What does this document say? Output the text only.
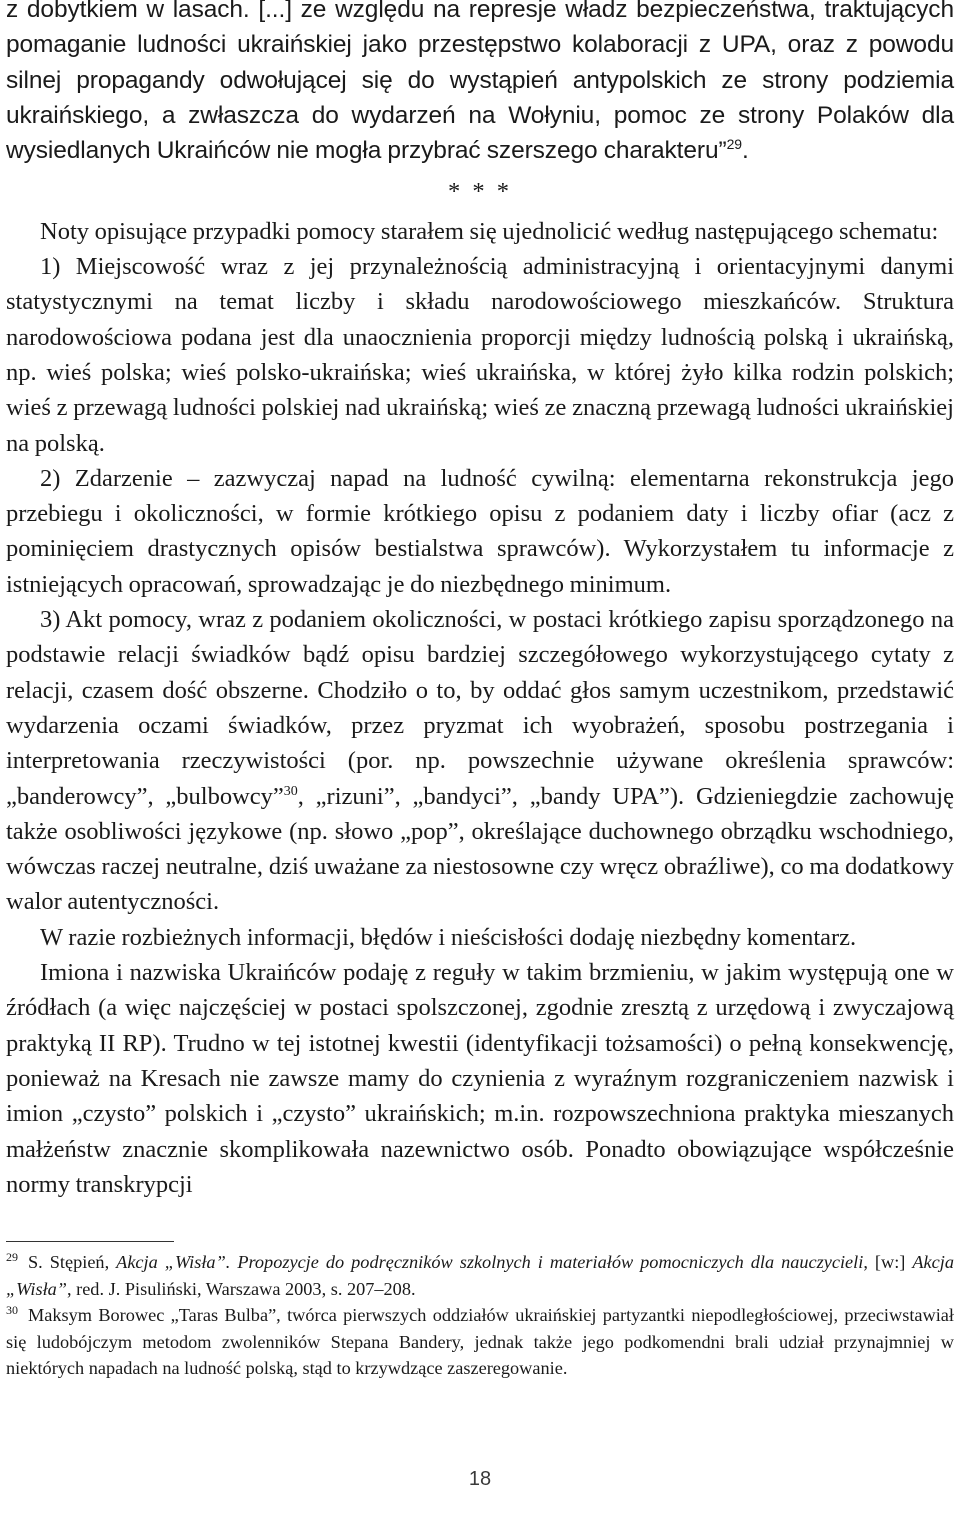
z dobytkiem w lasach. [...] ze względu na represje władz bezpieczeństwa, traktujących pomaganie ludności ukraińskiej jako przestępstwo kolaboracji z UPA, oraz z powodu silnej propagandy odwołującej się do wystąpień antypolskich ze strony podziemia ukraińskiego, a zwłaszcza do wydarzeń na Wołyniu, pomoc ze strony Polaków dla wysiedlanych Ukraińców nie mogła przybrać szerszego charakteru”$^{29}$.

* * *

Noty opisujące przypadki pomocy starałem się ujednolicić według następującego schematu:

1) Miejscowość wraz z jej przynależnością administracyjną i orientacyjnymi danymi statystycznymi na temat liczby i składu narodowościowego mieszkańców. Struktura narodowościowa podana jest dla unaocznienia proporcji między ludnością polską i ukraińską, np. wieś polska; wieś polsko-ukraińska; wieś ukraińska, w której żyło kilka rodzin polskich; wieś z przewagą ludności polskiej nad ukraińską; wieś ze znaczną przewagą ludności ukraińskiej na polską.

2) Zdarzenie – zazwyczaj napad na ludność cywilną: elementarna rekonstrukcja jego przebiegu i okoliczności, w formie krótkiego opisu z podaniem daty i liczby ofiar (acz z pominięciem drastycznych opisów bestialstwa sprawców). Wykorzystałem tu informacje z istniejących opracowań, sprowadzając je do niezbędnego minimum.

3) Akt pomocy, wraz z podaniem okoliczności, w postaci krótkiego zapisu sporządzonego na podstawie relacji świadków bądź opisu bardziej szczegółowego wykorzystującego cytaty z relacji, czasem dość obszerne. Chodziło o to, by oddać głos samym uczestnikom, przedstawić wydarzenia oczami świadków, przez pryzmat ich wyobrażeń, sposobu postrzegania i interpretowania rzeczywistości (por. np. powszechnie używane określenia sprawców: „banderowcy”, „bulbowcy”$^{30}$, „rizuni”, „bandyci”, „bandy UPA”). Gdzieniegdzie zachowuję także osobliwości językowe (np. słowo „pop”, określające duchownego obrządku wschodniego, wówczas raczej neutralne, dziś uważane za niestosowne czy wręcz obraźliwe), co ma dodatkowy walor autentyczności.

W razie rozbieżnych informacji, błędów i nieścisłości dodaję niezbędny komentarz.

Imiona i nazwiska Ukraińców podaję z reguły w takim brzmieniu, w jakim występują one w źródłach (a więc najczęściej w postaci spolszczonej, zgodnie zresztą z urzędową i zwyczajową praktyką II RP). Trudno w tej istotnej kwestii (identyfikacji tożsamości) o pełną konsekwencję, ponieważ na Kresach nie zawsze mamy do czynienia z wyraźnym rozgraniczeniem nazwisk i imion „czysto” polskich i „czysto” ukraińskich; m.in. rozpowszechniona praktyka mieszanych małżeństw znacznie skomplikowała nazewnictwo osób. Ponadto obowiązujące współcześnie normy transkrypcji

$^{29}$ S. Stępień, Akcja „Wisła”. Propozycje do podręczników szkolnych i materiałów pomocniczych dla nauczycieli, [w:] Akcja „Wisła”, red. J. Pisuliński, Warszawa 2003, s. 207–208.

$^{30}$ Maksym Borowec „Taras Bulba”, twórca pierwszych oddziałów ukraińskiej partyzantki niepodległościowej, przeciwstawiał się ludobójczym metodom zwolenników Stepana Bandery, jednak także jego podkomendni brali udział przynajmniej w niektórych napadach na ludność polską, stąd to krzywdzące zaszeregowanie.

18
